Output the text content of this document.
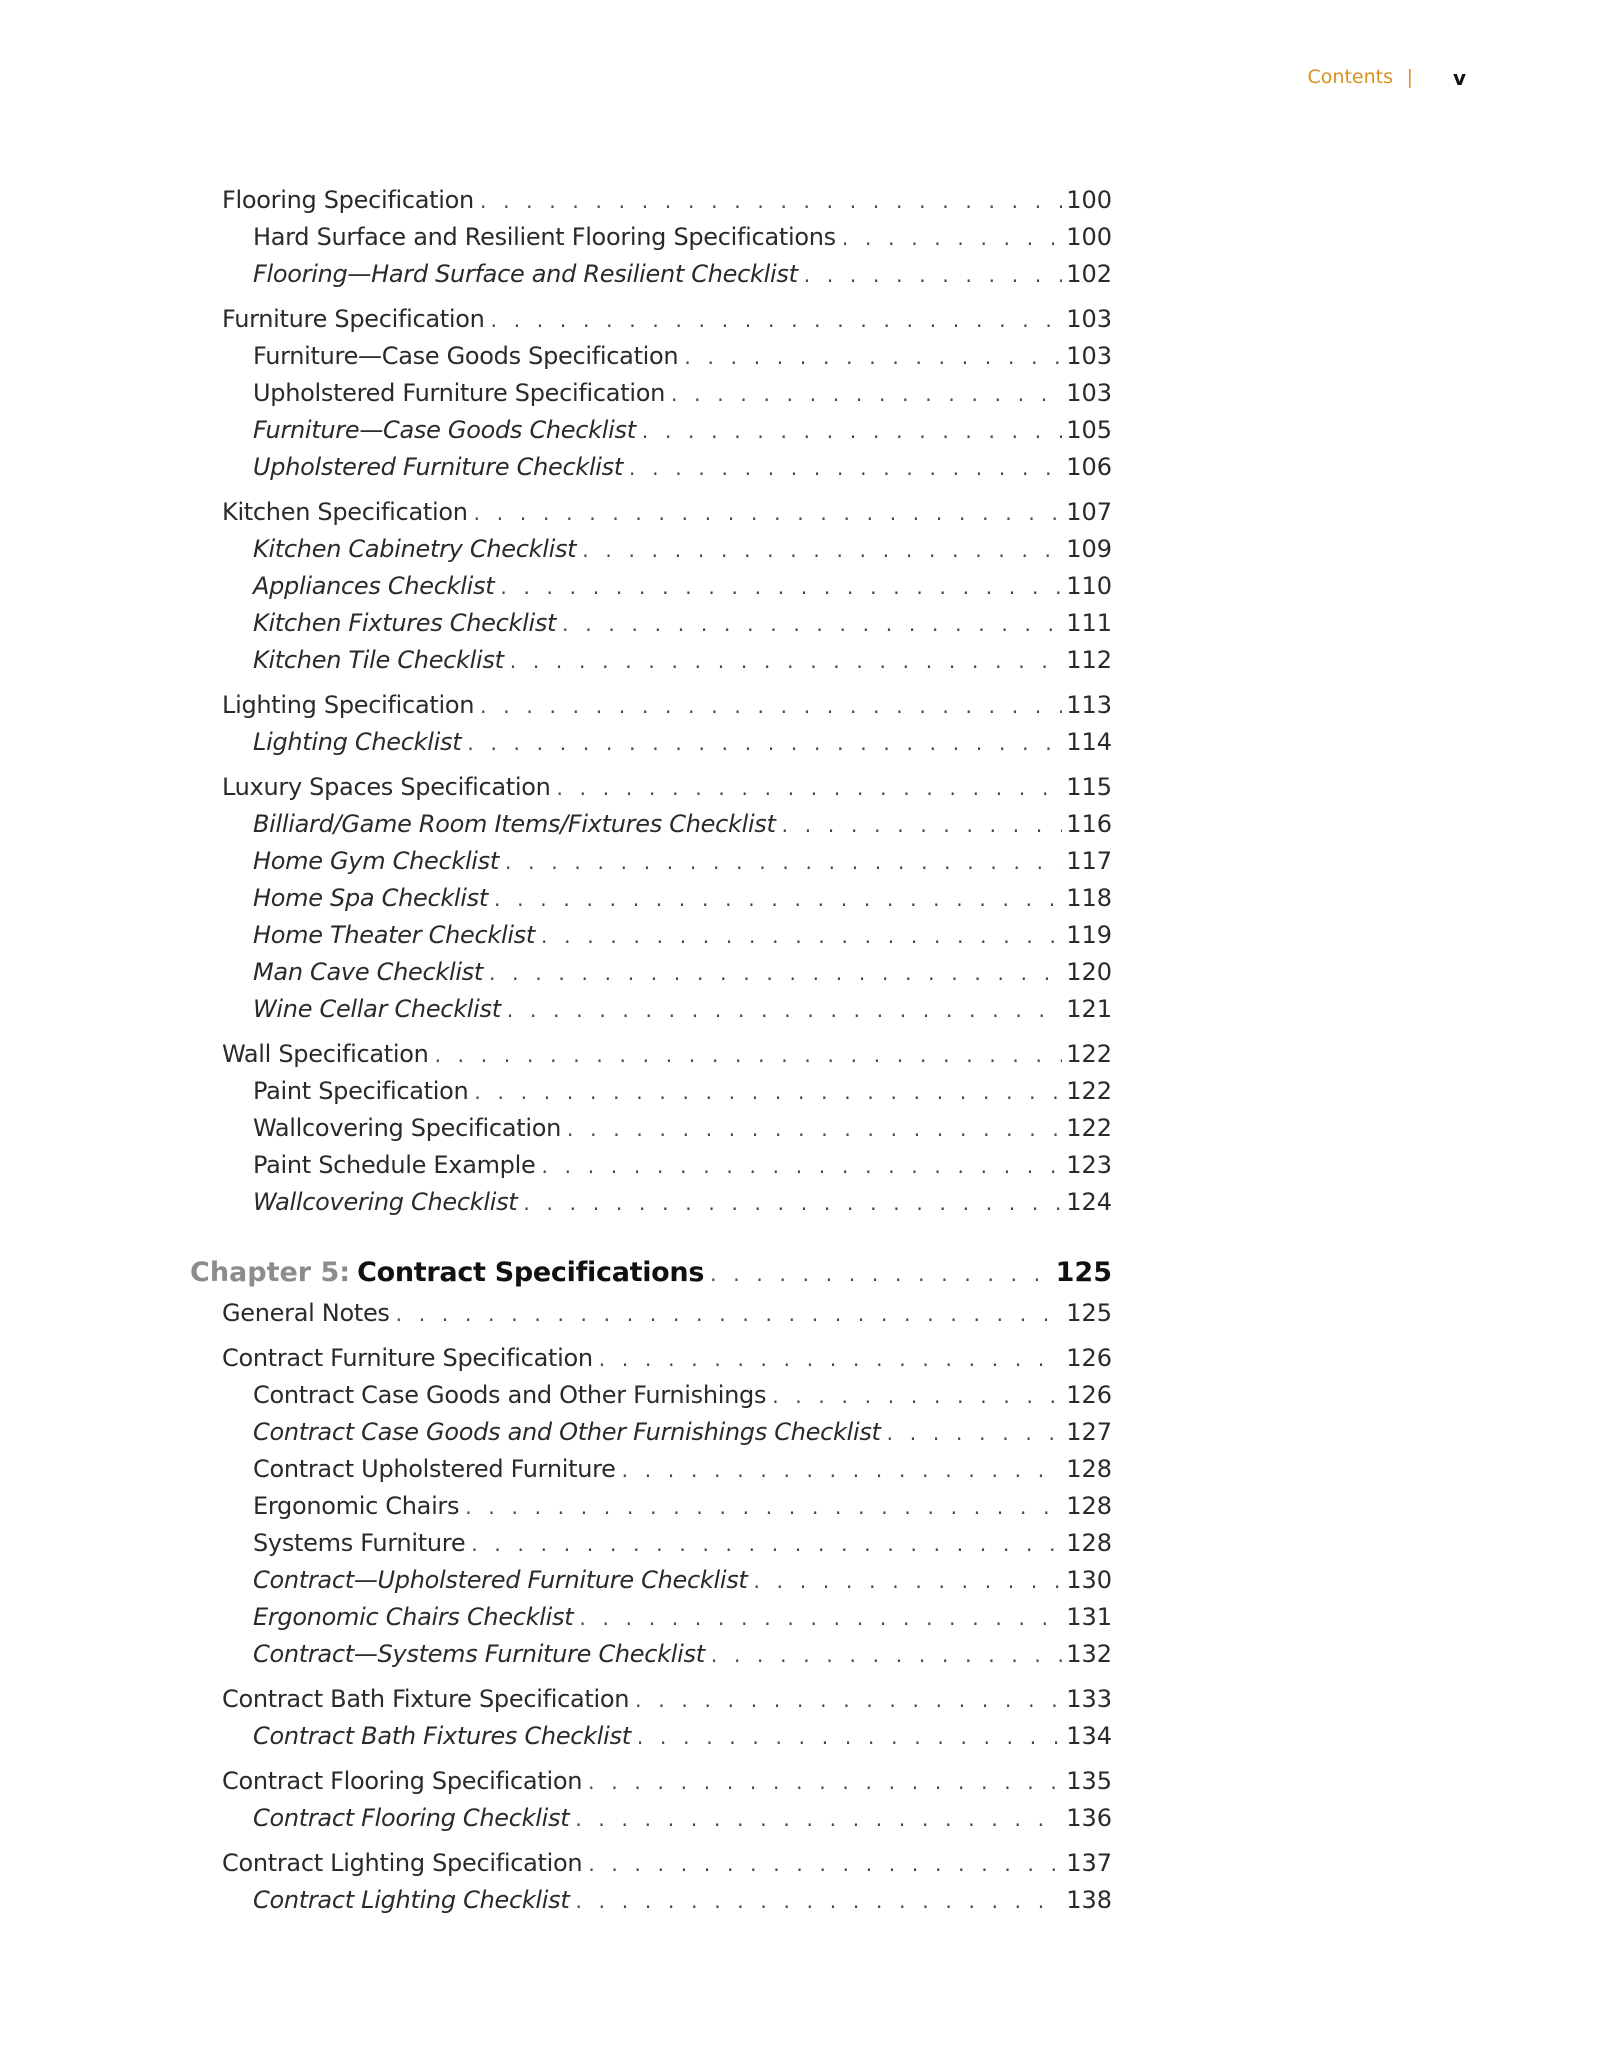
Contents | v
Flooring Specification . . .	100
Hard Surface and Resilient Flooring Specifications . . .	100
Flooring—Hard Surface and Resilient Checklist . . .	102
Furniture Specification . . .	103
Furniture—Case Goods Specification . . .	103
Upholstered Furniture Specification . . .	103
Furniture—Case Goods Checklist . . .	105
Upholstered Furniture Checklist . . .	106
Kitchen Specification . . .	107
Kitchen Cabinetry Checklist . . .	109
Appliances Checklist . . .	110
Kitchen Fixtures Checklist . . .	111
Kitchen Tile Checklist . . .	112
Lighting Specification . . .	113
Lighting Checklist . . .	114
Luxury Spaces Specification . . .	115
Billiard/Game Room Items/Fixtures Checklist . . .	116
Home Gym Checklist . . .	117
Home Spa Checklist . . .	118
Home Theater Checklist . . .	119
Man Cave Checklist . . .	120
Wine Cellar Checklist . . .	121
Wall Specification . . .	122
Paint Specification . . .	122
Wallcovering Specification . . .	122
Paint Schedule Example . . .	123
Wallcovering Checklist . . .	124
Chapter 5: Contract Specifications . . .	125
General Notes . . .	125
Contract Furniture Specification . . .	126
Contract Case Goods and Other Furnishings . . .	126
Contract Case Goods and Other Furnishings Checklist . . .	127
Contract Upholstered Furniture . . .	128
Ergonomic Chairs . . .	128
Systems Furniture . . .	128
Contract—Upholstered Furniture Checklist . . .	130
Ergonomic Chairs Checklist . . .	131
Contract—Systems Furniture Checklist . . .	132
Contract Bath Fixture Specification . . .	133
Contract Bath Fixtures Checklist . . .	134
Contract Flooring Specification . . .	135
Contract Flooring Checklist . . .	136
Contract Lighting Specification . . .	137
Contract Lighting Checklist . . .	138
